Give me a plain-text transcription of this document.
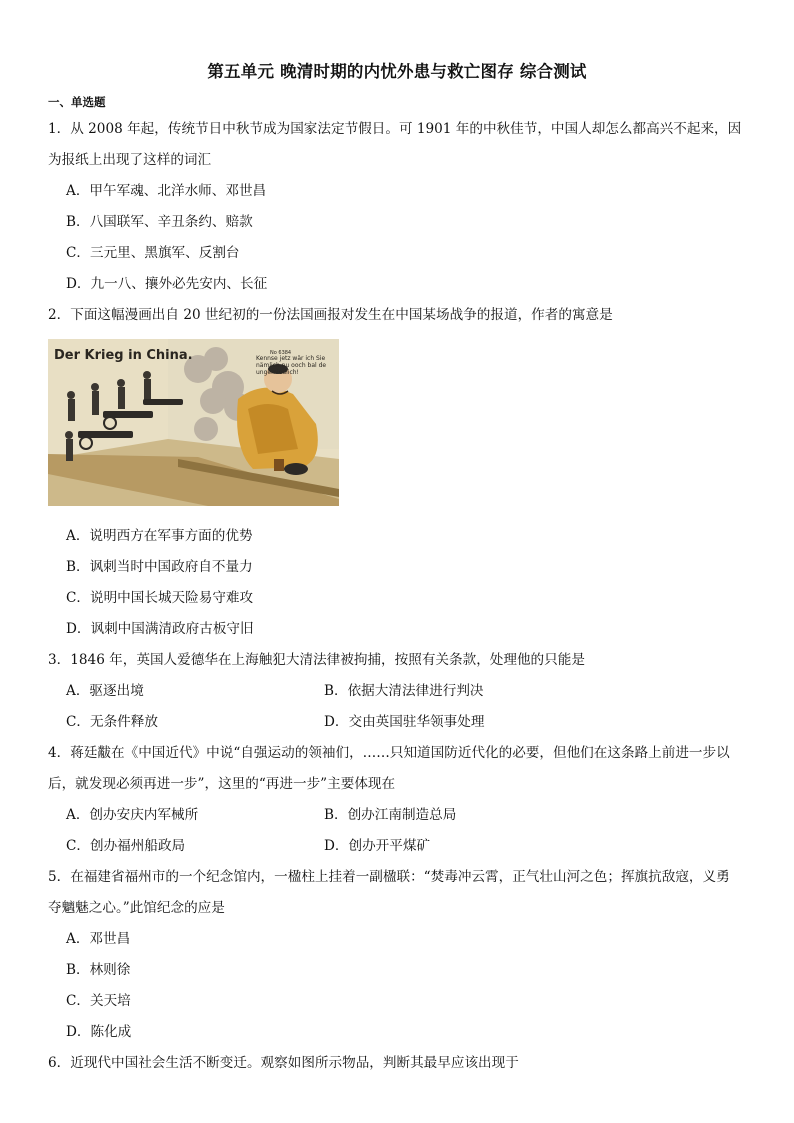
第五单元 晚清时期的内忧外患与救亡图存 综合测试
一、单选题
1．从 2008 年起，传统节日中秋节成为国家法定节假日。可 1901 年的中秋佳节，中国人却怎么都高兴不起来，因
为报纸上出现了这样的词汇
A．甲午军魂、北洋水师、邓世昌
B．八国联军、辛丑条约、赔款
C．三元里、黑旗军、反割台
D．九一八、攘外必先安内、长征
2．下面这幅漫画出自 20 世纪初的一份法国画报对发生在中国某场战争的报道，作者的寓意是
Der Krieg in China.	No 6384
Kennse jetz wär ich Sie nämlich nu ooch bal de ungemiedlich!
A．说明西方在军事方面的优势
B．讽刺当时中国政府自不量力
C．说明中国长城天险易守难攻
D．讽刺中国满清政府古板守旧
3．1846 年，英国人爱德华在上海触犯大清法律被拘捕，按照有关条款，处理他的只能是
A．驱逐出境	B．依据大清法律进行判决
C．无条件释放	D．交由英国驻华领事处理
4．蒋廷黻在《中国近代》中说“自强运动的领袖们，……只知道国防近代化的必要，但他们在这条路上前进一步以
后，就发现必须再进一步”，这里的“再进一步”主要体现在
A．创办安庆内军械所	B．创办江南制造总局
C．创办福州船政局	D．创办开平煤矿
5．在福建省福州市的一个纪念馆内，一楹柱上挂着一副楹联：“焚毒冲云霄，正气壮山河之色；挥旗抗敌寇，义勇
夺魑魅之心。”此馆纪念的应是
A．邓世昌
B．林则徐
C．关天培
D．陈化成
6．近现代中国社会生活不断变迁。观察如图所示物品，判断其最早应该出现于
